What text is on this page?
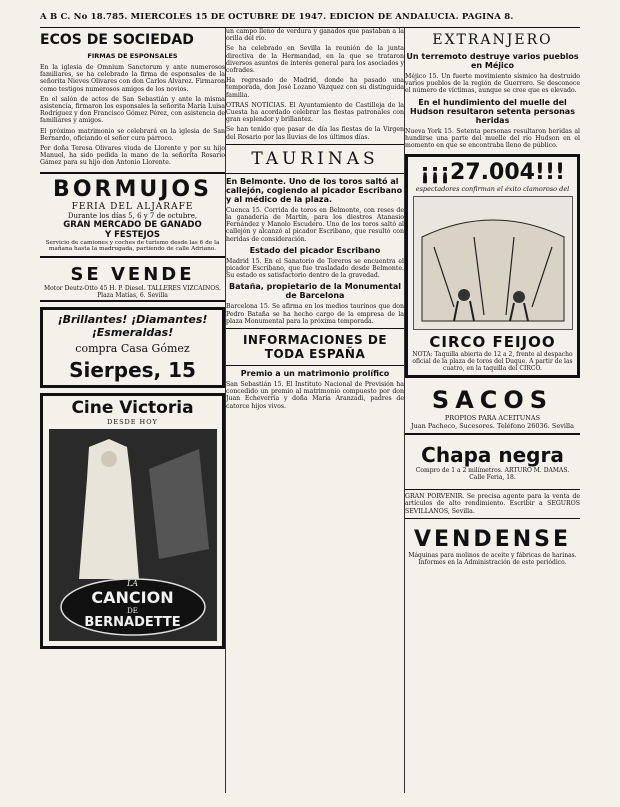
A B C. No 18.785. MIERCOLES 15 DE OCTUBRE DE 1947. EDICION DE ANDALUCIA. PAGINA 8.
ECOS DE SOCIEDAD
FIRMAS DE ESPONSALES

En la iglesia de Omnium Sanctorum y ante numerosos familiares, se ha celebrado la firma de esponsales de la señorita Nieves Olivares con don Carlos Alvarez. Firmaron como testigos numerosos amigos de los novios.

En el salón de actos de San Sebastián y ante la misma asistencia, firmaron los esponsales la señorita María Luisa Rodríguez y don Francisco Gómez Pérez, con asistencia de familiares y amigos.

El próximo matrimonio se celebrará en la iglesia de San Bernardo, oficiando el señor cura párroco.

Por doña Teresa Olivares viuda de Llorente y por su hijo Manuel, ha sido pedida la mano de la señorita Rosario Gámez para su hijo don Antonio Llorente.

BORMUJOS
FERIA DEL ALJARAFE
Durante los días 5, 6 y 7 de octubre,
GRAN MERCADO DE GANADO
Y FESTEJOS
Servicio de camiones y coches de turismo desde las 6 de la mañana hasta la madrugada, partiendo de calle Adriano.
SE VENDE
Motor Deutz-Otto 45 H. P. Diesel. TALLERES VIZCAINOS. Plaza Matías, 6. Sevilla
¡Brillantes! ¡Diamantes!
¡Esmeraldas!
compra Casa Gómez
Sierpes, 15
Cine Victoria
DESDE HOY
LA
CANCION
DE
BERNADETTE

un campo lleno de verdura y ganados que pastaban a la orilla del río.

Se ha celebrado en Sevilla la reunión de la junta directiva de la Hermandad, en la que se trataron diversos asuntos de interés general para los asociados y cofrades.

Ha regresado de Madrid, donde ha pasado una temporada, don José Lozano Vázquez con su distinguida familia.

OTRAS NOTICIAS. El Ayuntamiento de Castilleja de la Cuesta ha acordado celebrar las fiestas patronales con gran esplendor y brillantez.

Se han tenido que pasar de día las fiestas de la Virgen del Rosario por las lluvias de los últimos días.

TAURINAS
En Belmonte. Uno de los toros saltó al callejón, cogiendo al picador Escribano y al médico de la plaza.

Cuenca 15. Corrida de toros en Belmonte, con reses de la ganadería de Martín, para los diestros Atanasio Fernández y Manolo Escudero. Uno de los toros saltó al callejón y alcanzó al picador Escribano, que resultó con heridas de consideración.

Estado del picador Escribano

Madrid 15. En el Sanatorio de Toreros se encuentra el picador Escribano, que fue trasladado desde Belmonte. Su estado es satisfactorio dentro de la gravedad.

Bataña, propietario de la Monumental de Barcelona

Barcelona 15. Se afirma en los medios taurinos que don Pedro Bataña se ha hecho cargo de la empresa de la plaza Monumental para la próxima temporada.

INFORMACIONES DE TODA ESPAÑA
Premio a un matrimonio prolífico

San Sebastián 15. El Instituto Nacional de Previsión ha concedido un premio al matrimonio compuesto por don Juan Echeverría y doña María Aranzadi, padres de catorce hijos vivos.

EXTRANJERO
Un terremoto destruye varios pueblos en Méjico

Méjico 15. Un fuerte movimiento sísmico ha destruido varios pueblos de la región de Guerrero. Se desconoce el número de víctimas, aunque se cree que es elevado.

En el hundimiento del muelle del Hudson resultaron setenta personas heridas

Nueva York 15. Setenta personas resultaron heridas al hundirse una parte del muelle del río Hudson en el momento en que se encontraba lleno de público.

¡¡¡27.004!!!
espectadores confirman el éxito clamoroso del
CIRCO FEIJOO
NOTA: Taquilla abierta de 12 a 2, frente al despacho oficial de la plaza de toros del Duque. A partir de las cuatro, en la taquilla del CIRCO.
SACOS
PROPIOS PARA ACEITUNAS
Juan Pacheco, Sucesores. Teléfono 26036. Sevilla
Chapa negra
Compro de 1 a 2 milímetros. ARTURO M. DAMAS. Calle Feria, 18.

GRAN PORVENIR. Se precisa agente para la venta de artículos de alto rendimiento. Escribir a SEGUROS SEVILLANOS, Sevilla.

VENDENSE
Máquinas para molinos de aceite y fábricas de harinas. Informes en la Administración de este periódico.
